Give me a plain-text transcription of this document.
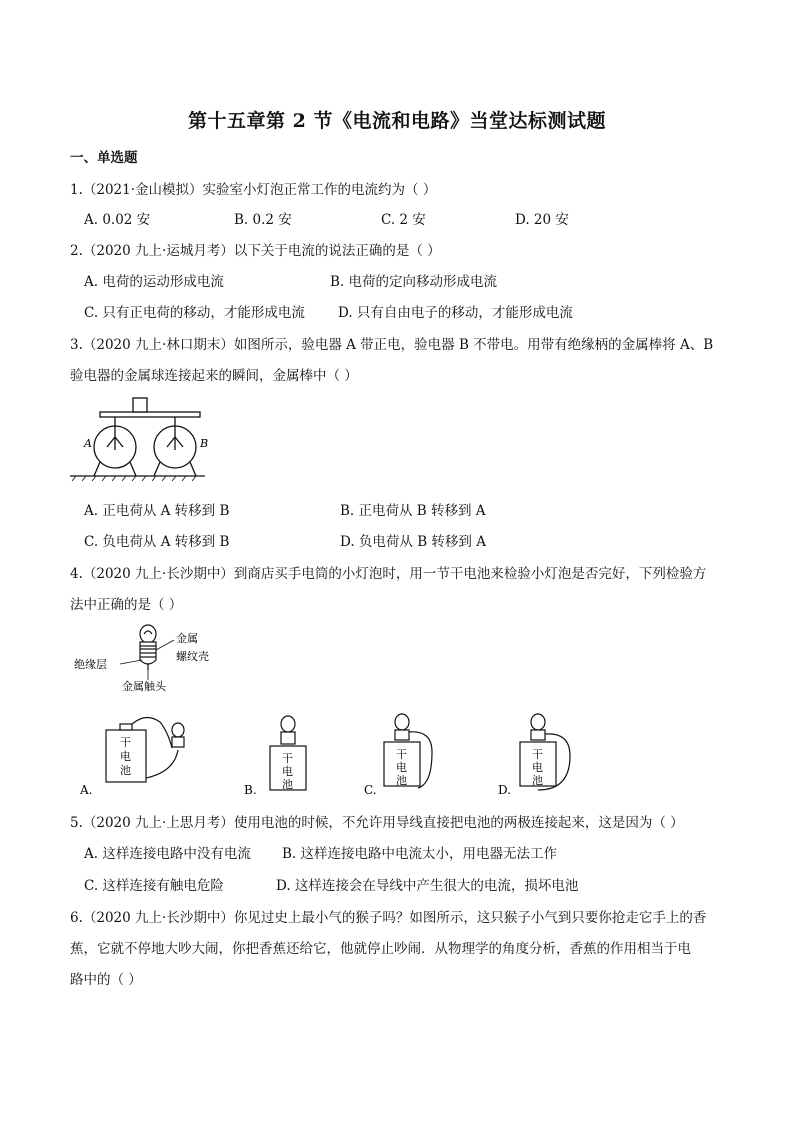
第十五章第 2 节《电流和电路》当堂达标测试题
一、单选题
1.（2021·金山模拟）实验室小灯泡正常工作的电流约为（ ）
A. 0.02 安	B. 0.2 安	C. 2 安	D. 20 安
2.（2020 九上·运城月考）以下关于电流的说法正确的是（ ）
A. 电荷的运动形成电流	B. 电荷的定向移动形成电流
C. 只有正电荷的移动，才能形成电流 D. 只有自由电子的移动，才能形成电流
3.（2020 九上·林口期末）如图所示，验电器 A 带正电，验电器 B 不带电。用带有绝缘柄的金属棒将 A、B
验电器的金属球连接起来的瞬间，金属棒中（ ）
A	B
A. 正电荷从 A 转移到 B	B. 正电荷从 B 转移到 A
C. 负电荷从 A 转移到 B	D. 负电荷从 B 转移到 A
4.（2020 九上·长沙期中）到商店买手电筒的小灯泡时，用一节干电池来检验小灯泡是否完好，下列检验方
法中正确的是（ ）
金属
螺纹壳
绝缘层
金属触头
干
电
池
A.
干
电
池
B.
干
电
池
C.
干
电
池
D.
5.（2020 九上·上思月考）使用电池的时候，不允许用导线直接把电池的两极连接起来，这是因为（ ）
A. 这样连接电路中没有电流 B. 这样连接电路中电流太小，用电器无法工作
C. 这样连接有触电危险	D. 这样连接会在导线中产生很大的电流，损坏电池
6.（2020 九上·长沙期中）你见过史上最小气的猴子吗？如图所示，这只猴子小气到只要你抢走它手上的香
蕉，它就不停地大吵大闹，你把香蕉还给它，他就停止吵闹．从物理学的角度分析，香蕉的作用相当于电
路中的（ ）
